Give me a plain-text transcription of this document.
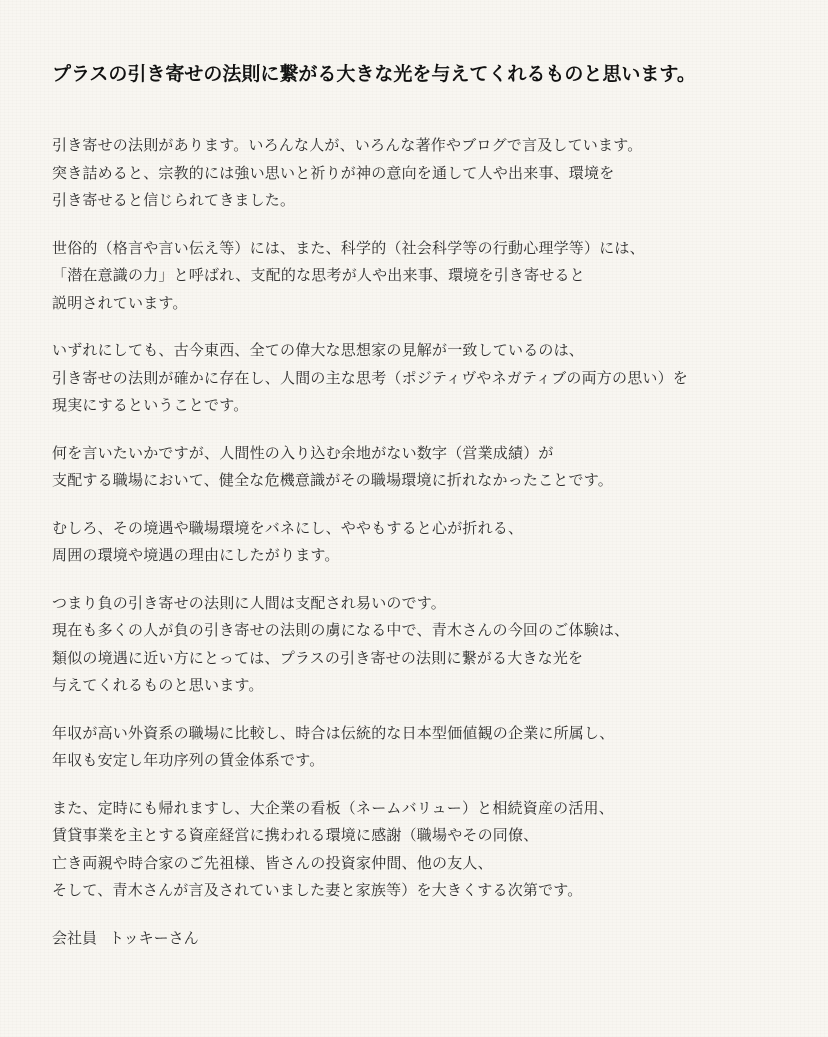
プラスの引き寄せの法則に繋がる大きな光を与えてくれるものと思います。

引き寄せの法則があります。いろんな人が、いろんな著作やブログで言及しています。
突き詰めると、宗教的には強い思いと祈りが神の意向を通して人や出来事、環境を
引き寄せると信じられてきました。

世俗的（格言や言い伝え等）には、また、科学的（社会科学等の行動心理学等）には、
「潜在意識の力」と呼ばれ、支配的な思考が人や出来事、環境を引き寄せると
説明されています。

いずれにしても、古今東西、全ての偉大な思想家の見解が一致しているのは、
引き寄せの法則が確かに存在し、人間の主な思考（ポジティヴやネガティブの両方の思い）を
現実にするということです。

何を言いたいかですが、人間性の入り込む余地がない数字（営業成績）が
支配する職場において、健全な危機意識がその職場環境に折れなかったことです。

むしろ、その境遇や職場環境をバネにし、ややもすると心が折れる、
周囲の環境や境遇の理由にしたがります。

つまり負の引き寄せの法則に人間は支配され易いのです。
現在も多くの人が負の引き寄せの法則の虜になる中で、青木さんの今回のご体験は、
類似の境遇に近い方にとっては、プラスの引き寄せの法則に繋がる大きな光を
与えてくれるものと思います。

年収が高い外資系の職場に比較し、時合は伝統的な日本型価値観の企業に所属し、
年収も安定し年功序列の賃金体系です。

また、定時にも帰れますし、大企業の看板（ネームバリュー）と相続資産の活用、
賃貸事業を主とする資産経営に携われる環境に感謝（職場やその同僚、
亡き両親や時合家のご先祖様、皆さんの投資家仲間、他の友人、
そして、青木さんが言及されていました妻と家族等）を大きくする次第です。

会社員 トッキーさん
